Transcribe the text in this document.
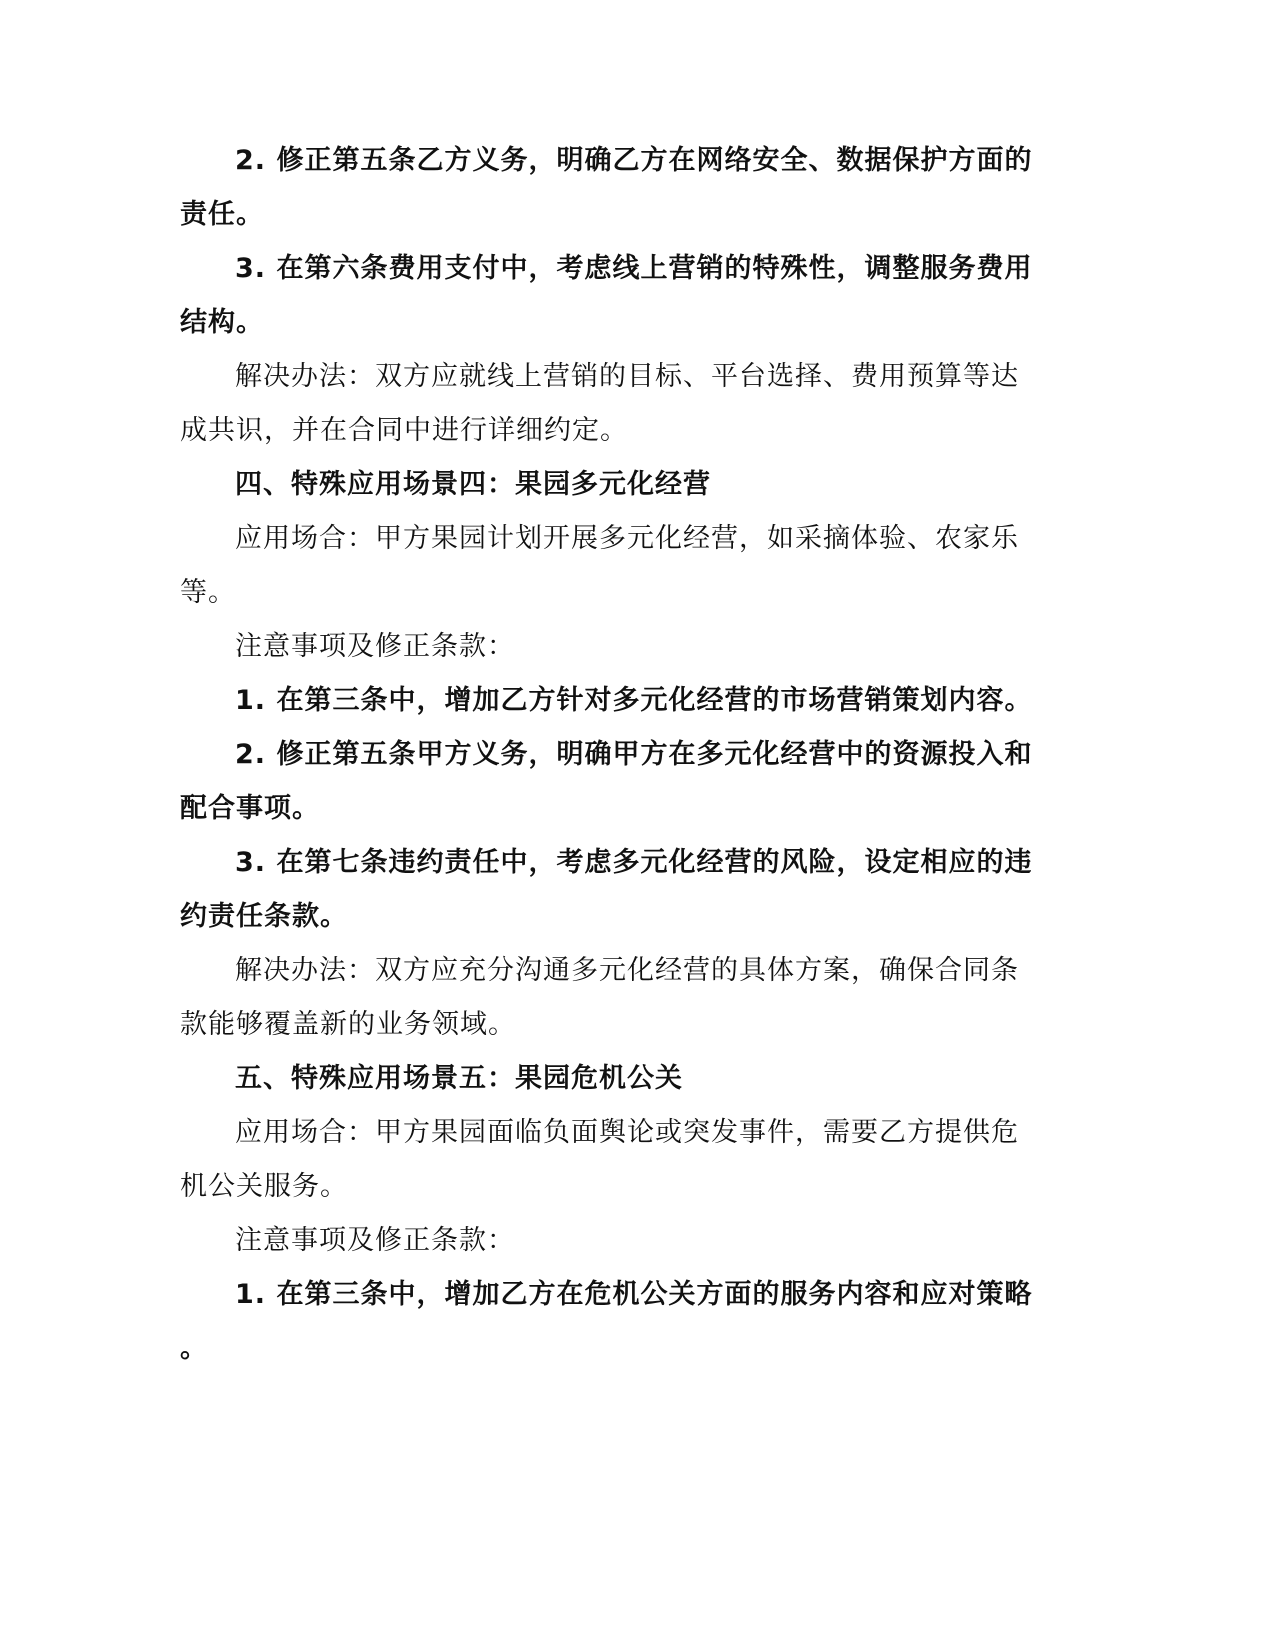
2. 修正第五条乙方义务，明确乙方在网络安全、数据保护方面的
责任。
3. 在第六条费用支付中，考虑线上营销的特殊性，调整服务费用
结构。
解决办法：双方应就线上营销的目标、平台选择、费用预算等达
成共识，并在合同中进行详细约定。
四、特殊应用场景四：果园多元化经营
应用场合：甲方果园计划开展多元化经营，如采摘体验、农家乐
等。
注意事项及修正条款：
1. 在第三条中，增加乙方针对多元化经营的市场营销策划内容。
2. 修正第五条甲方义务，明确甲方在多元化经营中的资源投入和
配合事项。
3. 在第七条违约责任中，考虑多元化经营的风险，设定相应的违
约责任条款。
解决办法：双方应充分沟通多元化经营的具体方案，确保合同条
款能够覆盖新的业务领域。
五、特殊应用场景五：果园危机公关
应用场合：甲方果园面临负面舆论或突发事件，需要乙方提供危
机公关服务。
注意事项及修正条款：
1. 在第三条中，增加乙方在危机公关方面的服务内容和应对策略
。
